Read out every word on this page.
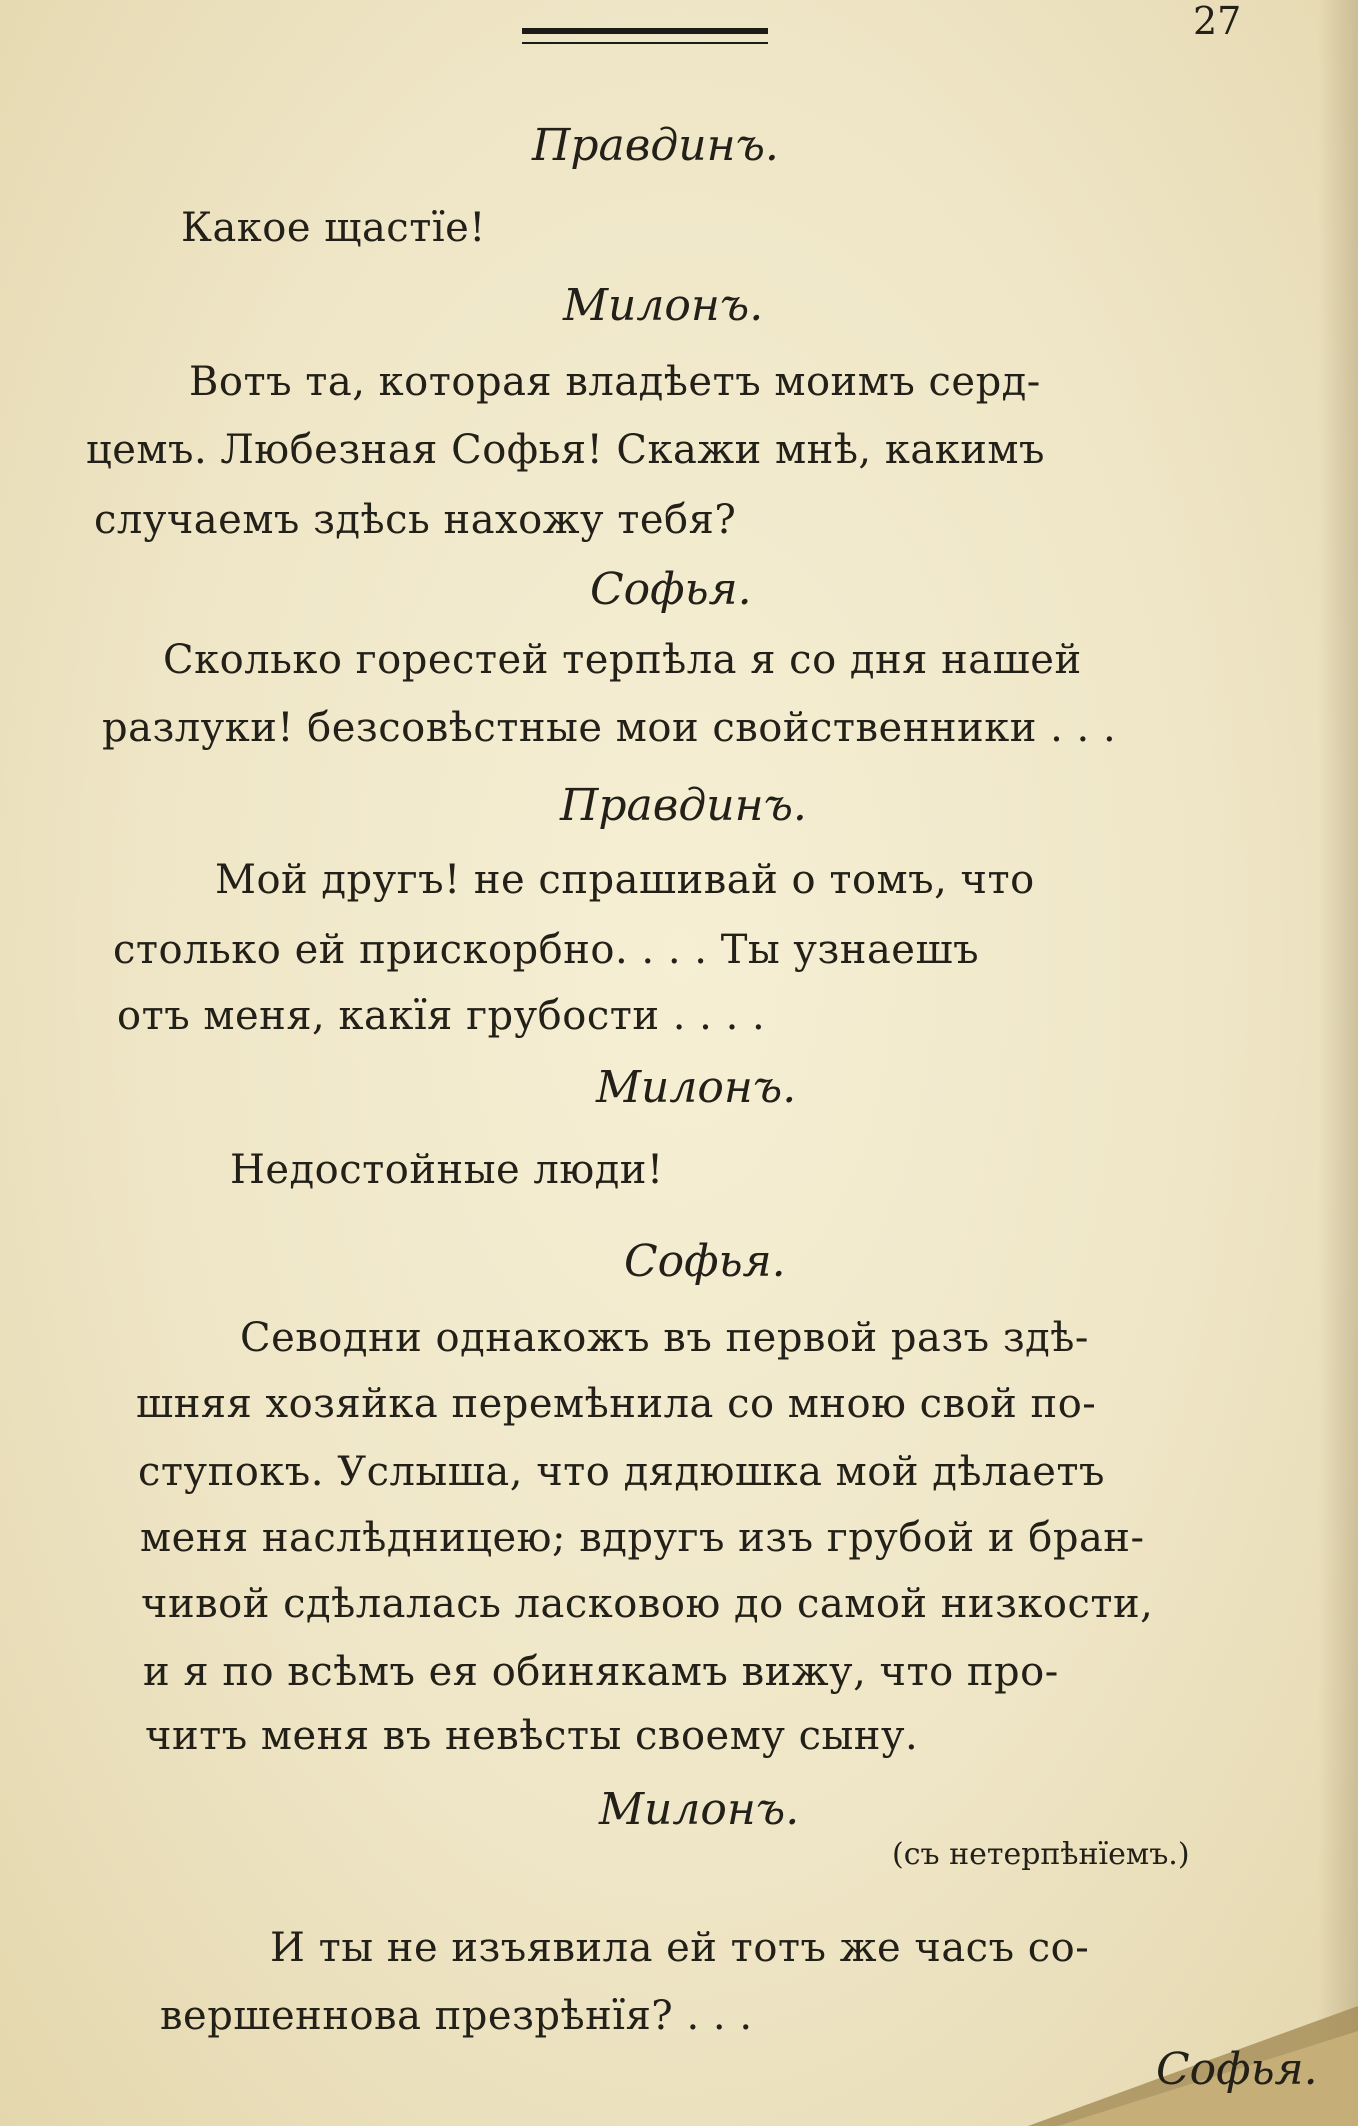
27
Правдинъ.
Какое щастїе!
Милонъ.
Вотъ та, которая владѣетъ моимъ серд-
цемъ. Любезная Софья! Скажи мнѣ, какимъ
случаемъ здѣсь нахожу тебя?
Софья.
Сколько горестей терпѣла я со дня нашей
разлуки! безсовѣстные мои свойственники . . .
Правдинъ.
Мой другъ! не спрашивай о томъ, что
столько ей прискорбно. . . . Ты узнаешъ
отъ меня, какїя грубости . . . .
Милонъ.
Недостойные люди!
Софья.
Севодни однакожъ въ первой разъ здѣ-
шняя хозяйка перемѣнила со мною свой по-
ступокъ. Услыша, что дядюшка мой дѣлаетъ
меня наслѣдницею; вдругъ изъ грубой и бран-
чивой сдѣлалась ласковою до самой низкости,
и я по всѣмъ ея обинякамъ вижу, что про-
читъ меня въ невѣсты своему сыну.
Милонъ.
(съ нетерпѣнїемъ.)
И ты не изъявила ей тотъ же часъ со-
вершеннова презрѣнїя? . . .
Софья.
